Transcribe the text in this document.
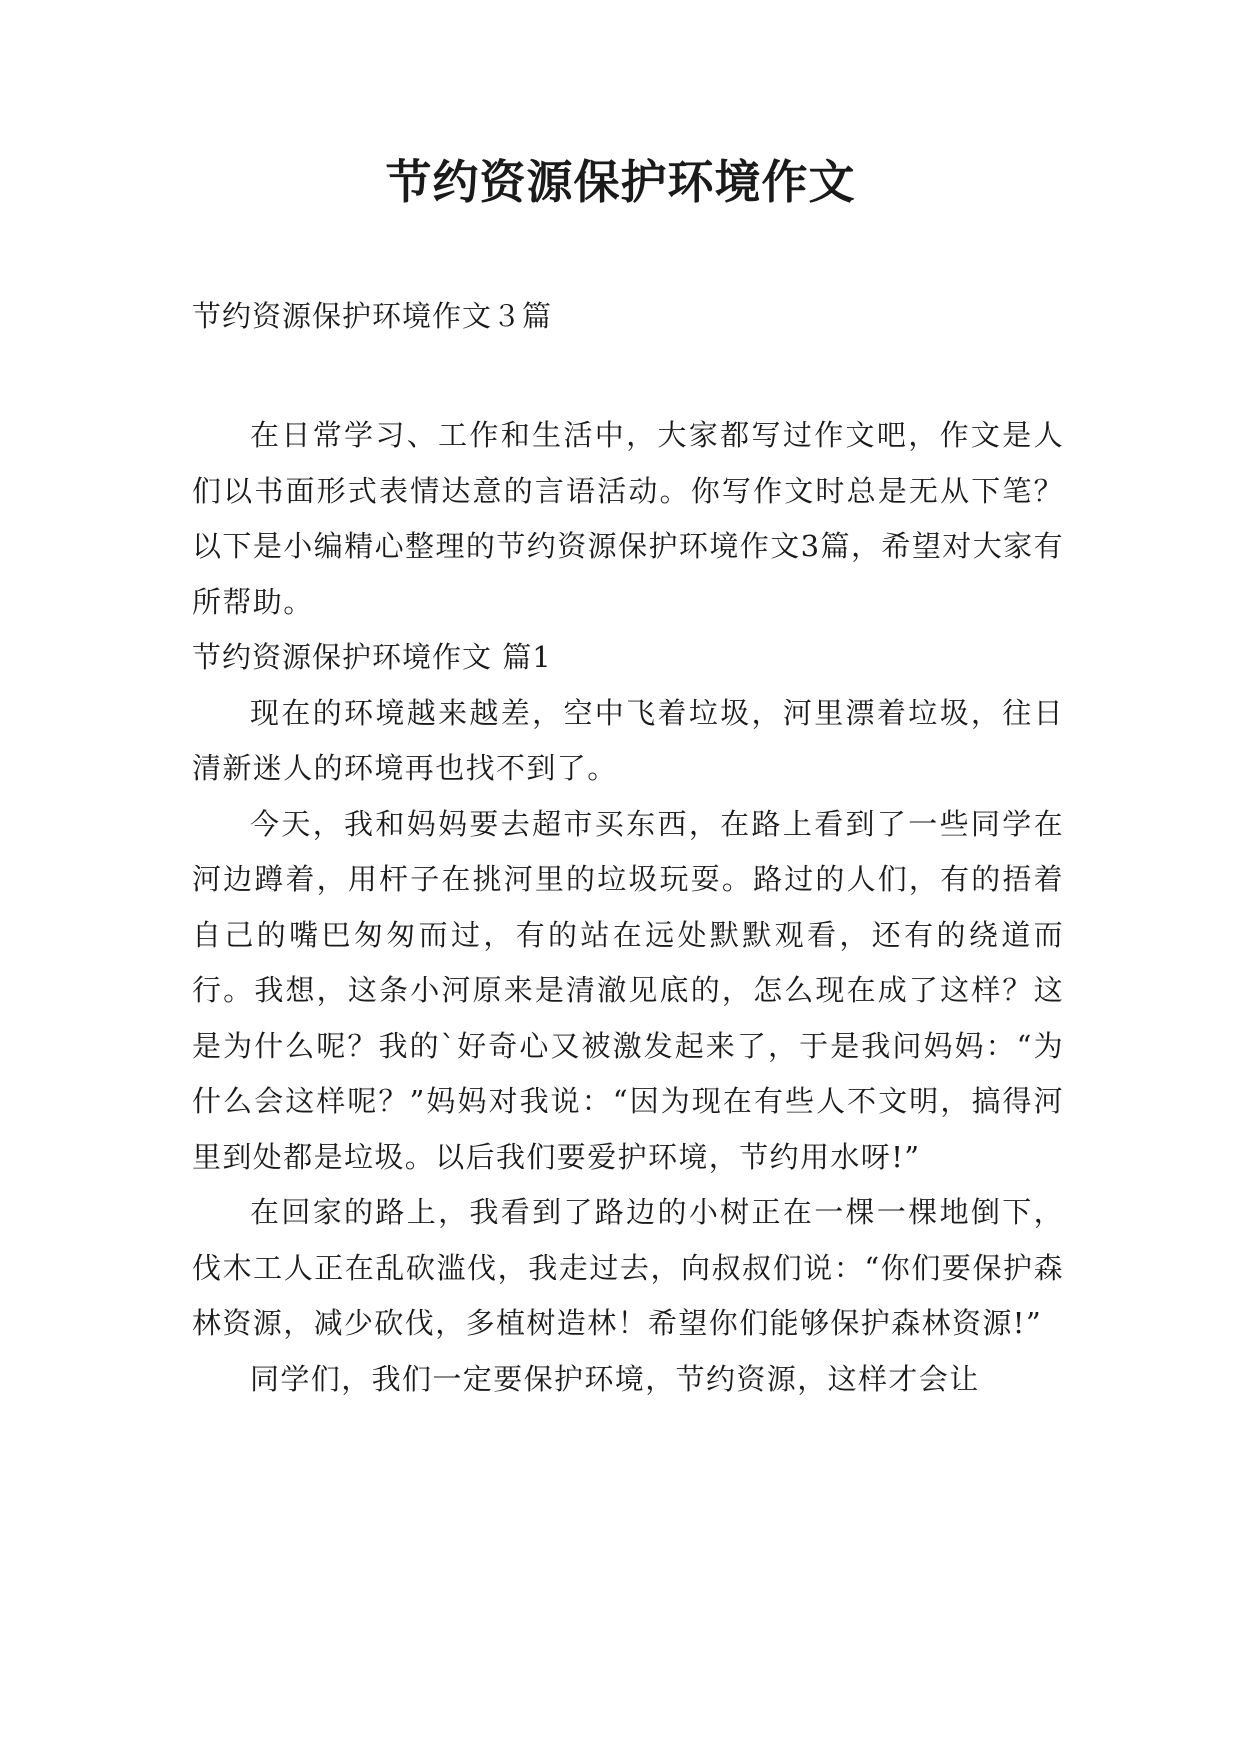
节约资源保护环境作文

节约资源保护环境作文３篇

在日常学习、工作和生活中，大家都写过作文吧，作文是人们以书面形式表情达意的言语活动。你写作文时总是无从下笔？以下是小编精心整理的节约资源保护环境作文3篇，希望对大家有所帮助。

节约资源保护环境作文 篇1

现在的环境越来越差，空中飞着垃圾，河里漂着垃圾，往日清新迷人的环境再也找不到了。

今天，我和妈妈要去超市买东西，在路上看到了一些同学在河边蹲着，用杆子在挑河里的垃圾玩耍。路过的人们，有的捂着自己的嘴巴匆匆而过，有的站在远处默默观看，还有的绕道而行。我想，这条小河原来是清澈见底的，怎么现在成了这样？这是为什么呢？我的`好奇心又被激发起来了，于是我问妈妈：“为什么会这样呢？”妈妈对我说：“因为现在有些人不文明，搞得河里到处都是垃圾。以后我们要爱护环境，节约用水呀!”

在回家的路上，我看到了路边的小树正在一棵一棵地倒下，伐木工人正在乱砍滥伐，我走过去，向叔叔们说：“你们要保护森林资源，减少砍伐，多植树造林！希望你们能够保护森林资源!”

同学们，我们一定要保护环境，节约资源，这样才会让
